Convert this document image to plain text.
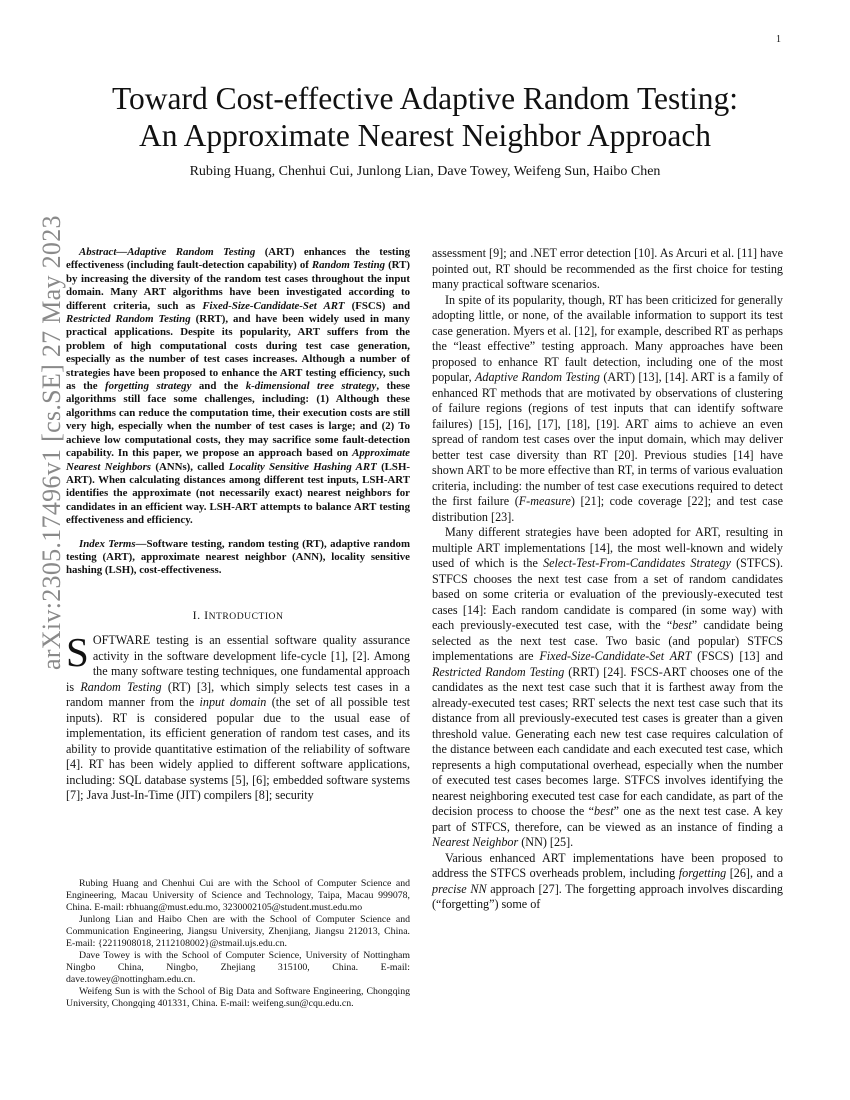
1
arXiv:2305.17496v1 [cs.SE] 27 May 2023
Toward Cost-effective Adaptive Random Testing:
An Approximate Nearest Neighbor Approach
Rubing Huang, Chenhui Cui, Junlong Lian, Dave Towey, Weifeng Sun, Haibo Chen

Abstract—Adaptive Random Testing (ART) enhances the testing effectiveness (including fault-detection capability) of Random Testing (RT) by increasing the diversity of the random test cases throughout the input domain. Many ART algorithms have been investigated according to different criteria, such as Fixed-Size-Candidate-Set ART (FSCS) and Restricted Random Testing (RRT), and have been widely used in many practical applications. Despite its popularity, ART suffers from the problem of high computational costs during test case generation, especially as the number of test cases increases. Although a number of strategies have been proposed to enhance the ART testing efficiency, such as the forgetting strategy and the k-dimensional tree strategy, these algorithms still face some challenges, including: (1) Although these algorithms can reduce the computation time, their execution costs are still very high, especially when the number of test cases is large; and (2) To achieve low computational costs, they may sacrifice some fault-detection capability. In this paper, we propose an approach based on Approximate Nearest Neighbors (ANNs), called Locality Sensitive Hashing ART (LSH-ART). When calculating distances among different test inputs, LSH-ART identifies the approximate (not necessarily exact) nearest neighbors for candidates in an efficient way. LSH-ART attempts to balance ART testing effectiveness and efficiency.

Index Terms—Software testing, random testing (RT), adaptive random testing (ART), approximate nearest neighbor (ANN), locality sensitive hashing (LSH), cost-effectiveness.

I. INTRODUCTION

SOFTWARE testing is an essential software quality assurance activity in the software development life-cycle [1], [2]. Among the many software testing techniques, one fundamental approach is Random Testing (RT) [3], which simply selects test cases in a random manner from the input domain (the set of all possible test inputs). RT is considered popular due to the usual ease of implementation, its efficient generation of random test cases, and its ability to provide quantitative estimation of the reliability of software [4]. RT has been widely applied to different software applications, including: SQL database systems [5], [6]; embedded software systems [7]; Java Just-In-Time (JIT) compilers [8]; security

Rubing Huang and Chenhui Cui are with the School of Computer Science and Engineering, Macau University of Science and Technology, Taipa, Macau 999078, China. E-mail: rbhuang@must.edu.mo, 3230002105@student.must.edu.mo

Junlong Lian and Haibo Chen are with the School of Computer Science and Communication Engineering, Jiangsu University, Zhenjiang, Jiangsu 212013, China. E-mail: {2211908018, 2112108002}@stmail.ujs.edu.cn.

Dave Towey is with the School of Computer Science, University of Nottingham Ningbo China, Ningbo, Zhejiang 315100, China. E-mail: dave.towey@nottingham.edu.cn.

Weifeng Sun is with the School of Big Data and Software Engineering, Chongqing University, Chongqing 401331, China. E-mail: weifeng.sun@cqu.edu.cn.

assessment [9]; and .NET error detection [10]. As Arcuri et al. [11] have pointed out, RT should be recommended as the first choice for testing many practical software scenarios.

In spite of its popularity, though, RT has been criticized for generally adopting little, or none, of the available information to support its test case generation. Myers et al. [12], for example, described RT as perhaps the “least effective” testing approach. Many approaches have been proposed to enhance RT fault detection, including one of the most popular, Adaptive Random Testing (ART) [13], [14]. ART is a family of enhanced RT methods that are motivated by observations of clustering of failure regions (regions of test inputs that can identify software failures) [15], [16], [17], [18], [19]. ART aims to achieve an even spread of random test cases over the input domain, which may deliver better test case diversity than RT [20]. Previous studies [14] have shown ART to be more effective than RT, in terms of various evaluation criteria, including: the number of test case executions required to detect the first failure (F-measure) [21]; code coverage [22]; and test case distribution [23].

Many different strategies have been adopted for ART, resulting in multiple ART implementations [14], the most well-known and widely used of which is the Select-Test-From-Candidates Strategy (STFCS). STFCS chooses the next test case from a set of random candidates based on some criteria or evaluation of the previously-executed test cases [14]: Each random candidate is compared (in some way) with each previously-executed test case, with the “best” candidate being selected as the next test case. Two basic (and popular) STFCS implementations are Fixed-Size-Candidate-Set ART (FSCS) [13] and Restricted Random Testing (RRT) [24]. FSCS-ART chooses one of the candidates as the next test case such that it is farthest away from the already-executed test cases; RRT selects the next test case such that its distance from all previously-executed test cases is greater than a given threshold value. Generating each new test case requires calculation of the distance between each candidate and each executed test case, which represents a high computational overhead, especially when the number of executed test cases becomes large. STFCS involves identifying the nearest neighboring executed test case for each candidate, as part of the decision process to choose the “best” one as the next test case. A key part of STFCS, therefore, can be viewed as an instance of finding a Nearest Neighbor (NN) [25].

Various enhanced ART implementations have been proposed to address the STFCS overheads problem, including forgetting [26], and a precise NN approach [27]. The forgetting approach involves discarding (“forgetting”) some of
